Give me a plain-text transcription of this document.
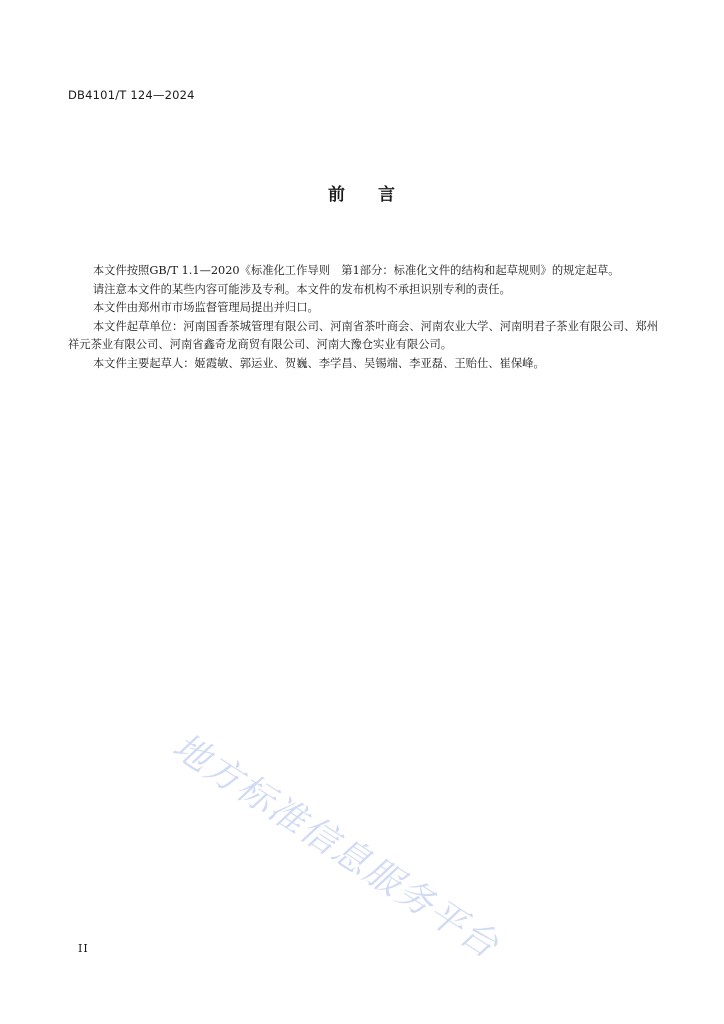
DB4101/T 124—2024
前 言

本文件按照GB/T 1.1—2020《标准化工作导则　第1部分：标准化文件的结构和起草规则》的规定起草。

请注意本文件的某些内容可能涉及专利。本文件的发布机构不承担识别专利的责任。

本文件由郑州市市场监督管理局提出并归口。

本文件起草单位：河南国香茶城管理有限公司、河南省茶叶商会、河南农业大学、河南明君子茶业有限公司、郑州祥元茶业有限公司、河南省鑫奇龙商贸有限公司、河南大豫仓实业有限公司。

本文件主要起草人：姬霞敏、郭运业、贺巍、李学昌、吴锡端、李亚磊、王贻仕、崔保峰。

地方标准信息服务平台
II
